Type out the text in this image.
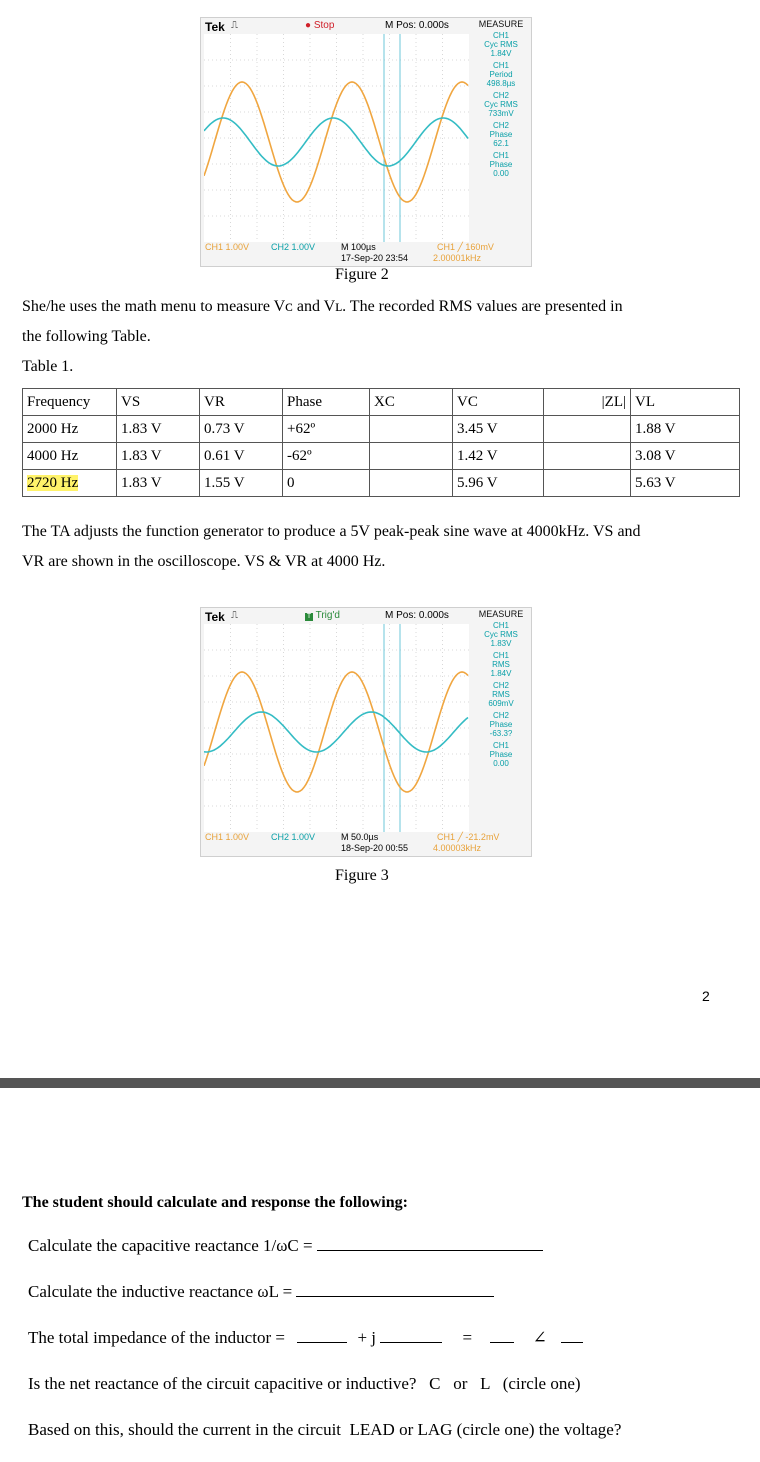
Tek ⎍	● Stop	M Pos: 0.000s	MEASURE
CH1
Cyc RMS
1.84V
CH1
Period
498.8µs
CH2
Cyc RMS
733mV
CH2
Phase
62.1
CH1
Phase
0.00
CH1 1.00V CH2 1.00V	M 100µs
17-Sep-20 23:54
CH1 ╱ 160mV
2.00001kHz
Figure 2
She/he uses the math menu to measure Vᴄ and Vʟ. The recorded RMS values are presented in
the following Table.
Table 1.
Frequency	VS	VR	Phase	XC	VC	|ZL|	VL
2000 Hz	1.83 V	0.73 V	+62º		3.45 V		1.88 V
4000 Hz	1.83 V	0.61 V	-62º		1.42 V		3.08 V
2720 Hz	1.83 V	1.55 V	0		5.96 V		5.63 V
The TA adjusts the function generator to produce a 5V peak-peak sine wave at 4000kHz. VS and
VR are shown in the oscilloscope. VS & VR at 4000 Hz.
Tek ⎍	T Trig'd	M Pos: 0.000s	MEASURE
CH1
Cyc RMS
1.83V
CH1
RMS
1.84V
CH2
RMS
609mV
CH2
Phase
-63.3?
CH1
Phase
0.00
CH1 1.00V CH2 1.00V	M 50.0µs
18-Sep-20 00:55
CH1 ╱ -21.2mV
4.00003kHz
Figure 3
2
The student should calculate and response the following:
Calculate the capacitive reactance 1/ωC =
Calculate the inductive reactance ωL =
The total impedance of the inductor =	+ j	=	∠
Is the net reactance of the circuit capacitive or inductive?   C   or   L   (circle one)
Based on this, should the current in the circuit  LEAD or LAG (circle one) the voltage?
